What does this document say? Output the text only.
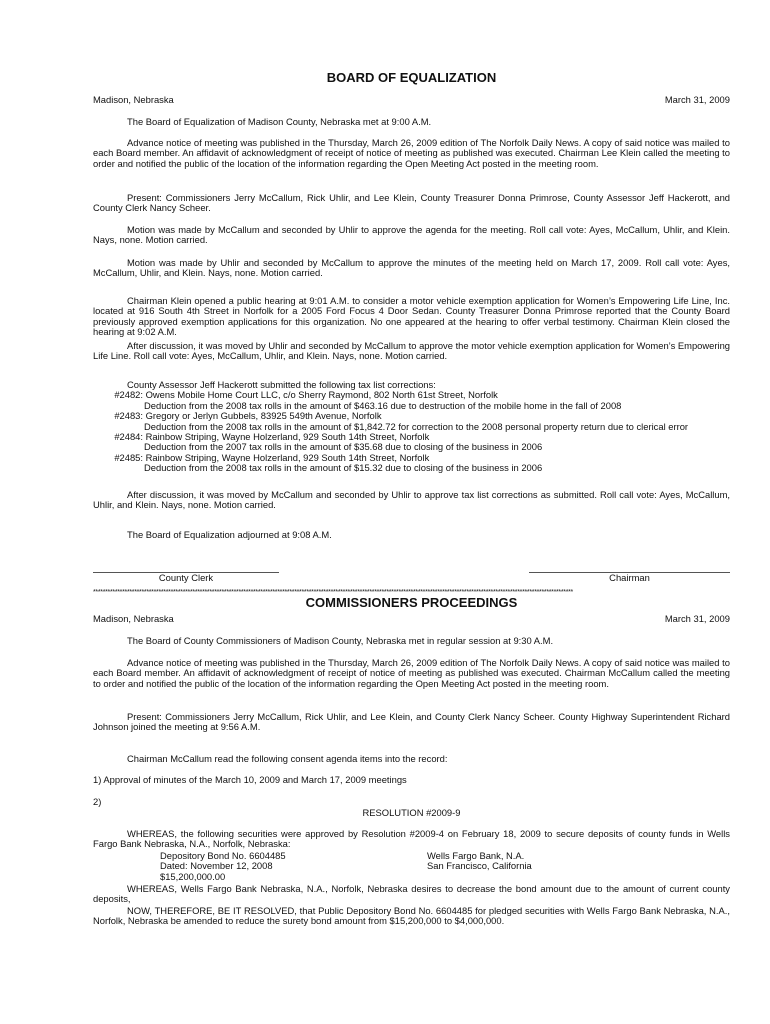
BOARD OF EQUALIZATION
Madison, Nebraska	March 31, 2009

The Board of Equalization of Madison County, Nebraska met at 9:00 A.M.

Advance notice of meeting was published in the Thursday, March 26, 2009 edition of The Norfolk Daily News. A copy of said notice was mailed to each Board member. An affidavit of acknowledgment of receipt of notice of meeting as published was executed. Chairman Lee Klein called the meeting to order and notified the public of the location of the information regarding the Open Meeting Act posted in the meeting room.

Present: Commissioners Jerry McCallum, Rick Uhlir, and Lee Klein, County Treasurer Donna Primrose, County Assessor Jeff Hackerott, and County Clerk Nancy Scheer.

Motion was made by McCallum and seconded by Uhlir to approve the agenda for the meeting. Roll call vote: Ayes, McCallum, Uhlir, and Klein. Nays, none. Motion carried.

Motion was made by Uhlir and seconded by McCallum to approve the minutes of the meeting held on March 17, 2009. Roll call vote: Ayes, McCallum, Uhlir, and Klein. Nays, none. Motion carried.

Chairman Klein opened a public hearing at 9:01 A.M. to consider a motor vehicle exemption application for Women’s Empowering Life Line, Inc. located at 916 South 4th Street in Norfolk for a 2005 Ford Focus 4 Door Sedan. County Treasurer Donna Primrose reported that the County Board previously approved exemption applications for this organization. No one appeared at the hearing to offer verbal testimony. Chairman Klein closed the hearing at 9:02 A.M.

After discussion, it was moved by Uhlir and seconded by McCallum to approve the motor vehicle exemption application for Women’s Empowering Life Line. Roll call vote: Ayes, McCallum, Uhlir, and Klein. Nays, none. Motion carried.

County Assessor Jeff Hackerott submitted the following tax list corrections:
#2482: Owens Mobile Home Court LLC, c/o Sherry Raymond, 802 North 61st Street, Norfolk
Deduction from the 2008 tax rolls in the amount of $463.16 due to destruction of the mobile home in the fall of 2008
#2483: Gregory or Jerlyn Gubbels, 83925 549th Avenue, Norfolk
Deduction from the 2008 tax rolls in the amount of $1,842.72 for correction to the 2008 personal property return due to clerical error
#2484: Rainbow Striping, Wayne Holzerland, 929 South 14th Street, Norfolk
Deduction from the 2007 tax rolls in the amount of $35.68 due to closing of the business in 2006
#2485: Rainbow Striping, Wayne Holzerland, 929 South 14th Street, Norfolk
Deduction from the 2008 tax rolls in the amount of $15.32 due to closing of the business in 2006

After discussion, it was moved by McCallum and seconded by Uhlir to approve tax list corrections as submitted. Roll call vote: Ayes, McCallum, Uhlir, and Klein. Nays, none. Motion carried.

The Board of Equalization adjourned at 9:08 A.M.

County Clerk	Chairman
******************************************************************************************************************************************************************************************************
COMMISSIONERS PROCEEDINGS
Madison, Nebraska	March 31, 2009

The Board of County Commissioners of Madison County, Nebraska met in regular session at 9:30 A.M.

Advance notice of meeting was published in the Thursday, March 26, 2009 edition of The Norfolk Daily News. A copy of said notice was mailed to each Board member. An affidavit of acknowledgment of receipt of notice of meeting as published was executed. Chairman McCallum called the meeting to order and notified the public of the location of the information regarding the Open Meeting Act posted in the meeting room.

Present: Commissioners Jerry McCallum, Rick Uhlir, and Lee Klein, and County Clerk Nancy Scheer. County Highway Superintendent Richard Johnson joined the meeting at 9:56 A.M.

Chairman McCallum read the following consent agenda items into the record:

1) Approval of minutes of the March 10, 2009 and March 17, 2009 meetings
2)
RESOLUTION #2009-9

WHEREAS, the following securities were approved by Resolution #2009-4 on February 18, 2009 to secure deposits of county funds in Wells Fargo Bank Nebraska, N.A., Norfolk, Nebraska:

Depository Bond No. 6604485	Wells Fargo Bank, N.A.
Dated: November 12, 2008	San Francisco, California
$15,200,000.00

WHEREAS, Wells Fargo Bank Nebraska, N.A., Norfolk, Nebraska desires to decrease the bond amount due to the amount of current county deposits,

NOW, THEREFORE, BE IT RESOLVED, that Public Depository Bond No. 6604485 for pledged securities with Wells Fargo Bank Nebraska, N.A., Norfolk, Nebraska be amended to reduce the surety bond amount from $15,200,000 to $4,000,000.
